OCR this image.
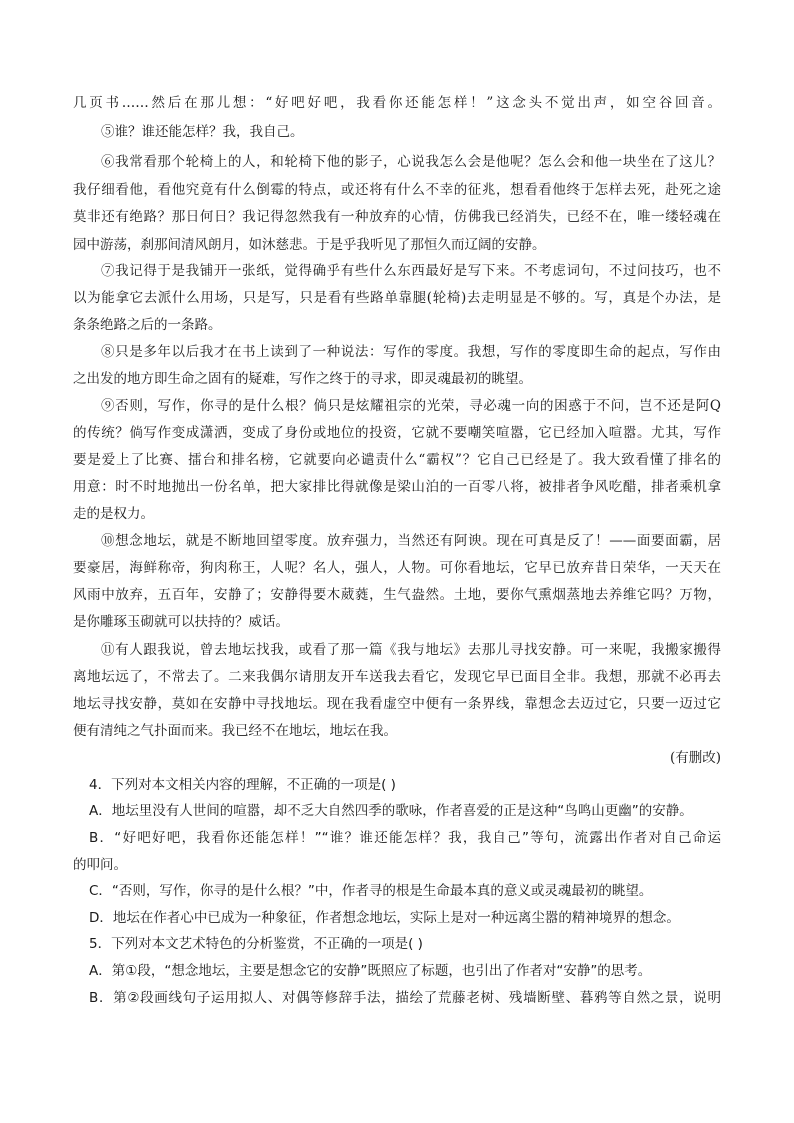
几页书……然后在那儿想：“好吧好吧，我看你还能怎样！”这念头不觉出声，如空谷回音。
⑤谁？谁还能怎样？我，我自己。
⑥我常看那个轮椅上的人，和轮椅下他的影子，心说我怎么会是他呢？怎么会和他一块坐在了这儿？
我仔细看他，看他究竟有什么倒霉的特点，或还将有什么不幸的征兆，想看看他终于怎样去死，赴死之途
莫非还有绝路？那日何日？我记得忽然我有一种放弃的心情，仿佛我已经消失，已经不在，唯一缕轻魂在
园中游荡，刹那间清风朗月，如沐慈悲。于是乎我听见了那恒久而辽阔的安静。
⑦我记得于是我铺开一张纸，觉得确乎有些什么东西最好是写下来。不考虑词句，不过问技巧，也不
以为能拿它去派什么用场，只是写，只是看有些路单靠腿(轮椅)去走明显是不够的。写，真是个办法，是
条条绝路之后的一条路。
⑧只是多年以后我才在书上读到了一种说法：写作的零度。我想，写作的零度即生命的起点，写作由
之出发的地方即生命之固有的疑难，写作之终于的寻求，即灵魂最初的眺望。
⑨否则，写作，你寻的是什么根？倘只是炫耀祖宗的光荣，寻必魂一向的困惑于不问，岂不还是阿Q
的传统？倘写作变成潇洒，变成了身份或地位的投资，它就不要嘲笑喧嚣，它已经加入喧嚣。尤其，写作
要是爱上了比赛、擂台和排名榜，它就要向必谴责什么“霸权”？它自己已经是了。我大致看懂了排名的
用意：时不时地抛出一份名单，把大家排比得就像是梁山泊的一百零八将，被排者争风吃醋，排者乘机拿
走的是权力。
⑩想念地坛，就是不断地回望零度。放弃强力，当然还有阿谀。现在可真是反了！——面要面霸，居
要豪居，海鲜称帝，狗肉称王，人呢？名人，强人，人物。可你看地坛，它早已放弃昔日荣华，一天天在
风雨中放弃，五百年，安静了；安静得要木葳蕤，生气盎然。土地，要你气熏烟蒸地去养维它吗？万物，
是你雕琢玉砌就可以扶持的？威话。
⑪有人跟我说，曾去地坛找我，或看了那一篇《我与地坛》去那儿寻找安静。可一来呢，我搬家搬得
离地坛远了，不常去了。二来我偶尔请朋友开车送我去看它，发现它早已面目全非。我想，那就不必再去
地坛寻找安静，莫如在安静中寻找地坛。现在我看虚空中便有一条界线，靠想念去迈过它，只要一迈过它
便有清纯之气扑面而来。我已经不在地坛，地坛在我。
(有删改)
4．下列对本文相关内容的理解，不正确的一项是( )
A．地坛里没有人世间的喧嚣，却不乏大自然四季的歌咏，作者喜爱的正是这种“鸟鸣山更幽”的安静。
B．“好吧好吧，我看你还能怎样！”“谁？谁还能怎样？我，我自己”等句，流露出作者对自己命运
的叩问。
C．“否则，写作，你寻的是什么根？”中，作者寻的根是生命最本真的意义或灵魂最初的眺望。
D．地坛在作者心中已成为一种象征，作者想念地坛，实际上是对一种远离尘嚣的精神境界的想念。
5．下列对本文艺术特色的分析鉴赏，不正确的一项是( )
A．第①段，“想念地坛，主要是想念它的安静”既照应了标题，也引出了作者对“安静”的思考。
B．第②段画线句子运用拟人、对偶等修辞手法，描绘了荒藤老树、残墙断壁、暮鸦等自然之景，说明
